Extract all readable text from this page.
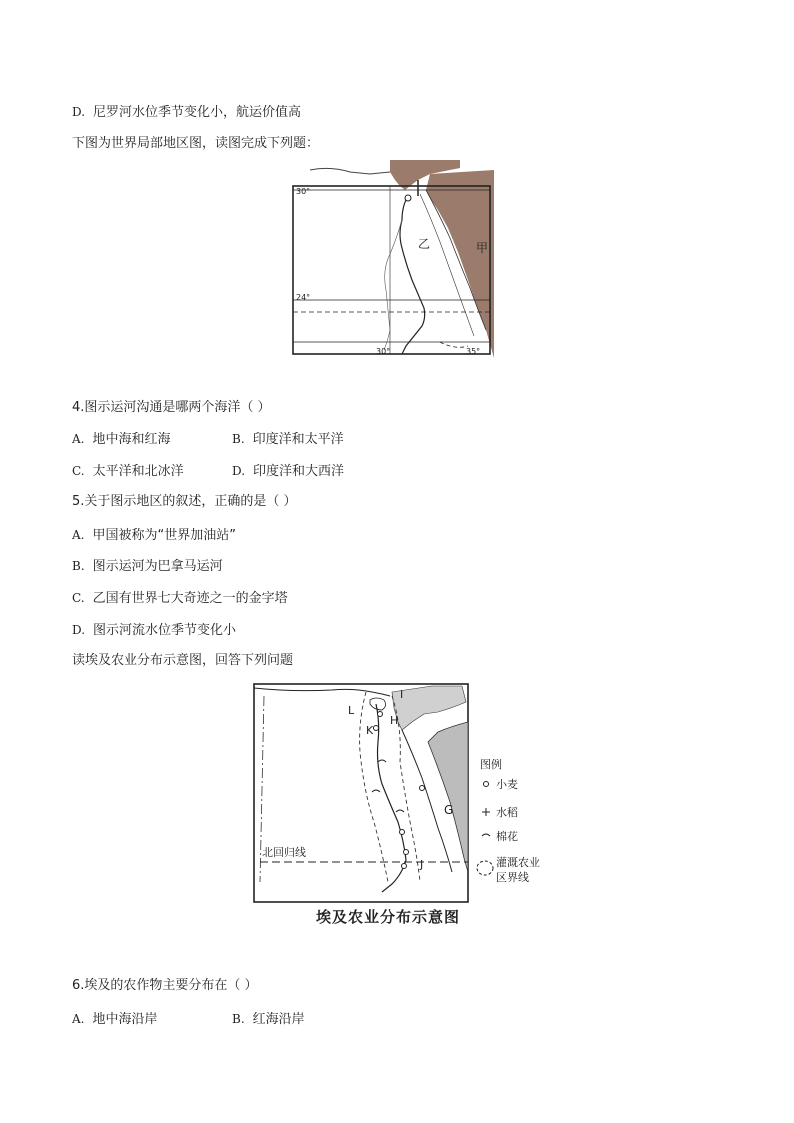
D. 尼罗河水位季节变化小，航运价值高
下图为世界局部地区图，读图完成下列题：
30°
24°
30°	35°
乙	甲
4.图示运河沟通是哪两个海洋（ ）
A. 地中海和红海	B. 印度洋和太平洋
C. 太平洋和北冰洋	D. 印度洋和大西洋
5.关于图示地区的叙述，正确的是（ ）
A. 甲国被称为“世界加油站”
B. 图示运河为巴拿马运河
C. 乙国有世界七大奇迹之一的金字塔
D. 图示河流水位季节变化小
读埃及农业分布示意图，回答下列问题
北回归线
I
L
H
K
G
J
图例
小麦
水稻
棉花
灌溉农业
区界线
埃及农业分布示意图
6.埃及的农作物主要分布在（ ）
A. 地中海沿岸	B. 红海沿岸
